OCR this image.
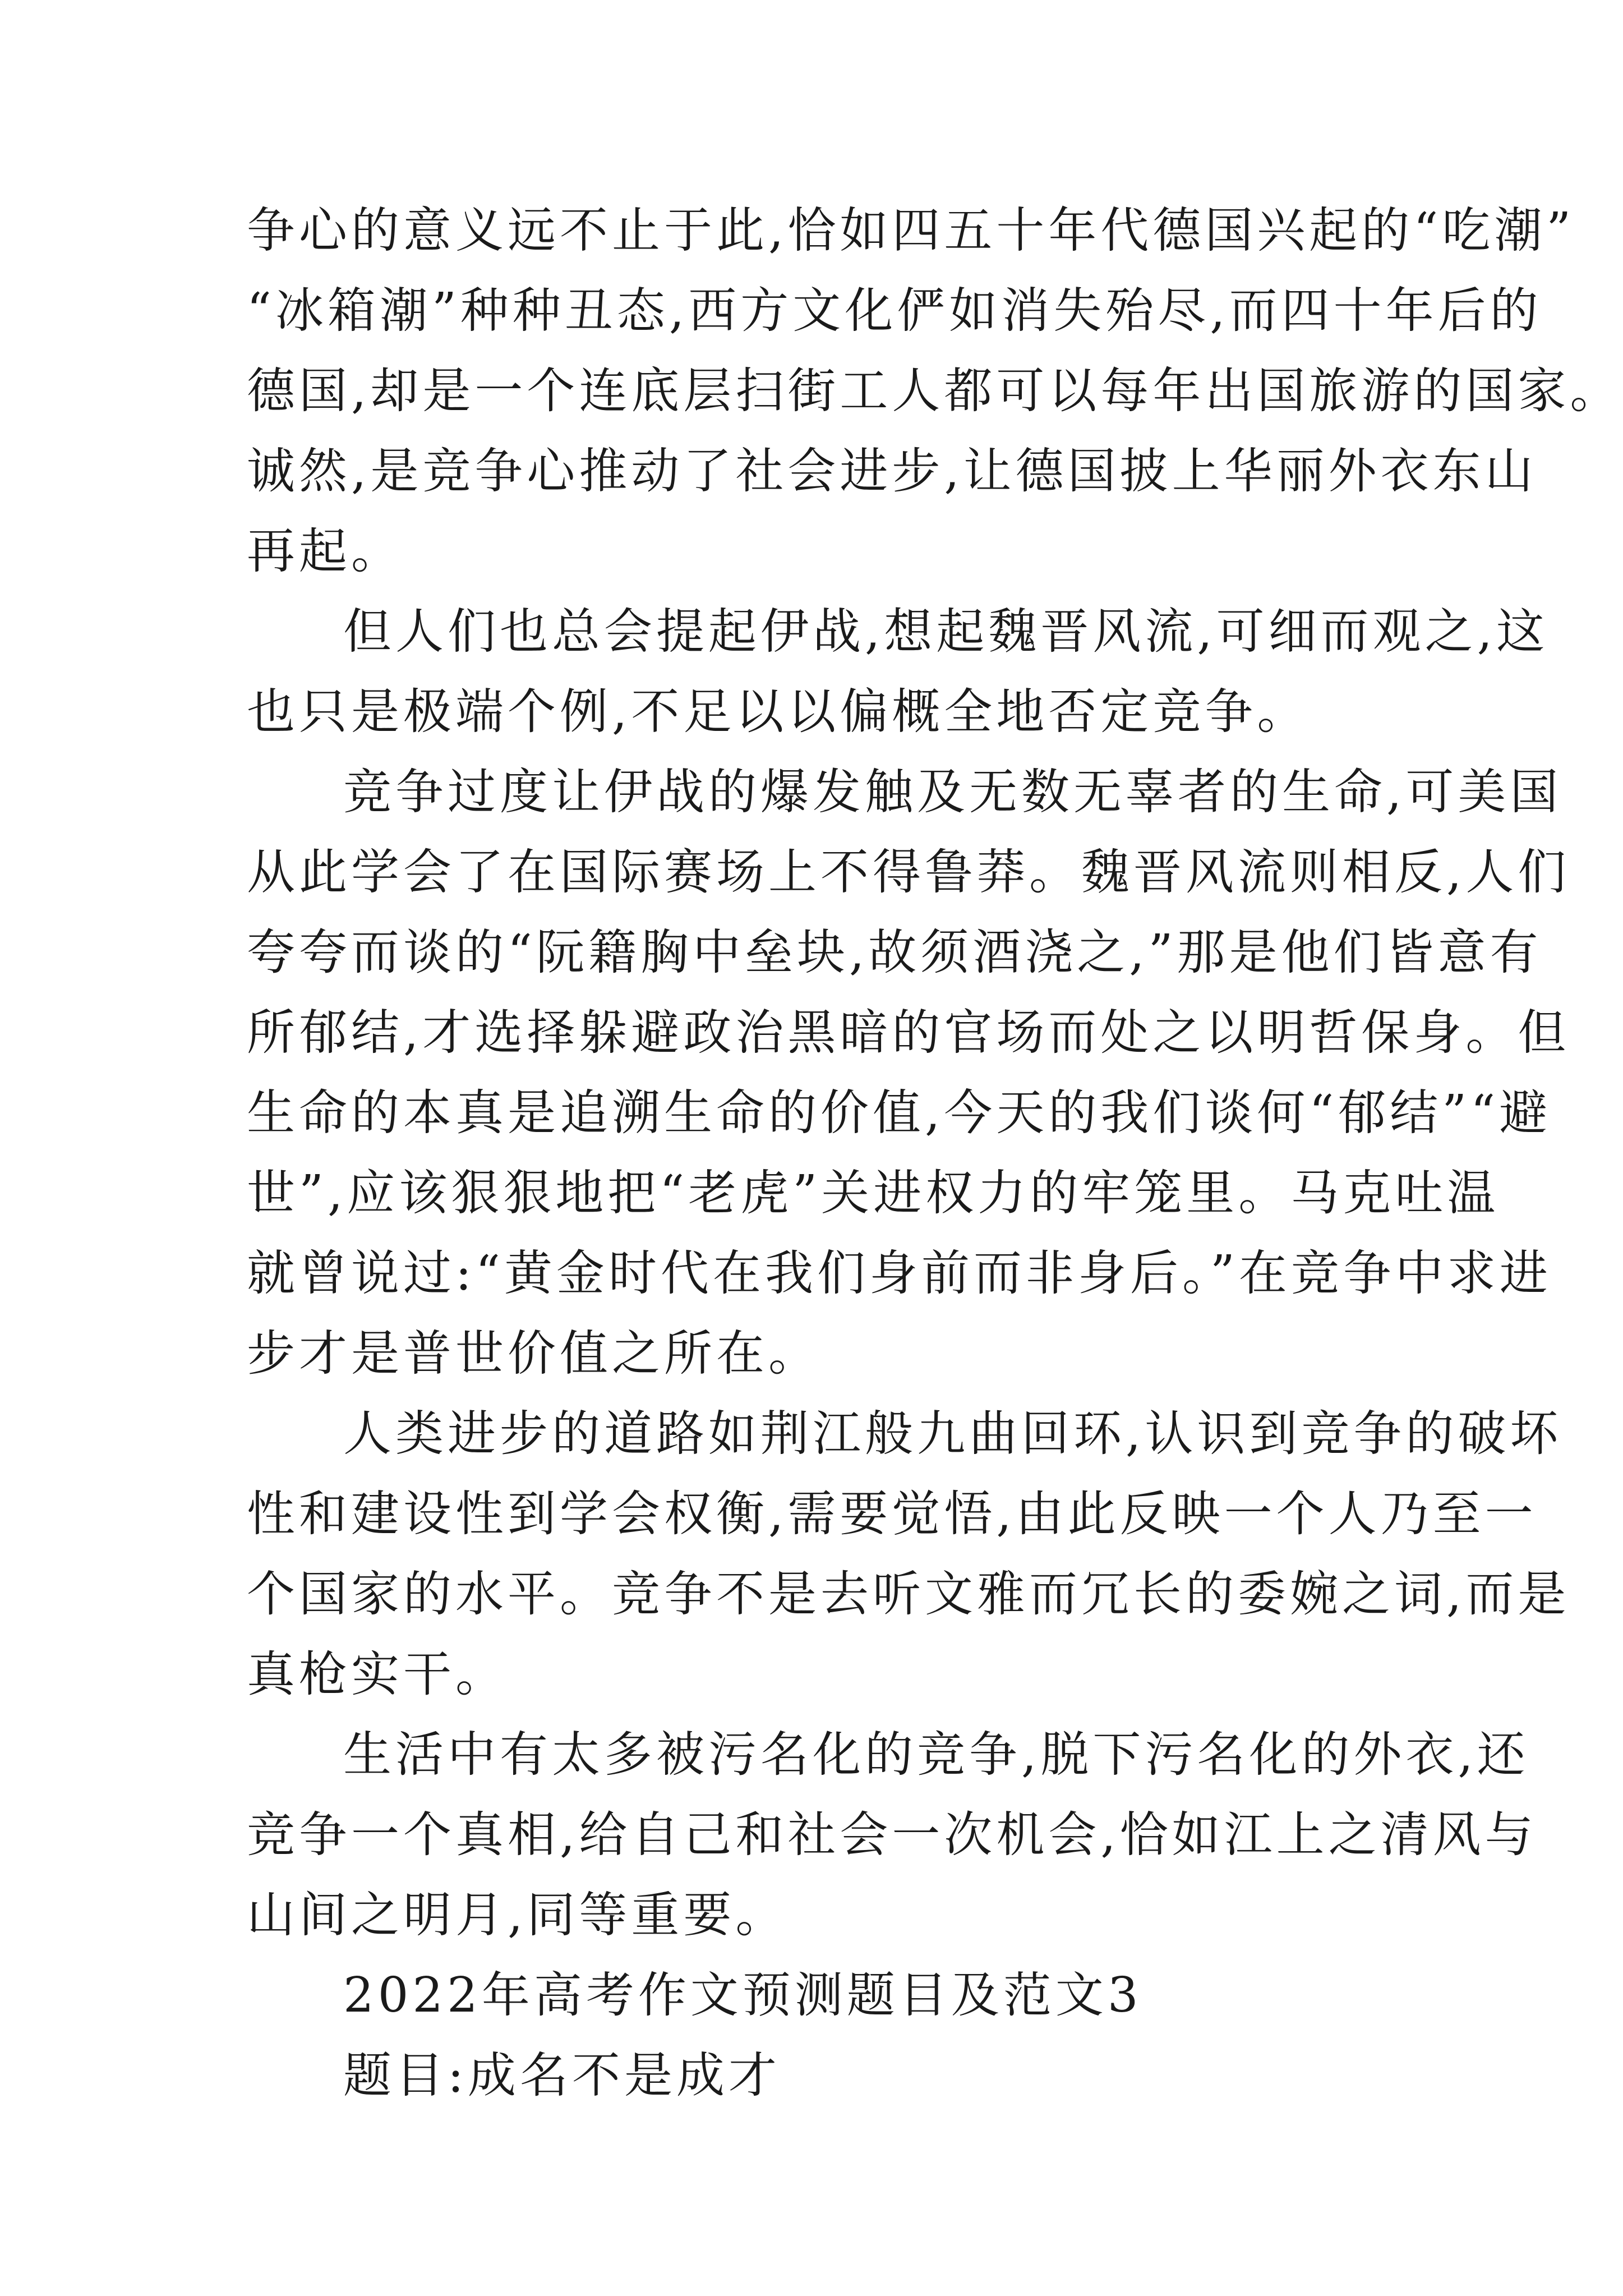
争心的意义远不止于此,恰如四五十年代德国兴起的“吃潮”
“冰箱潮”种种丑态,西方文化俨如消失殆尽,而四十年后的
德国,却是一个连底层扫街工人都可以每年出国旅游的国家。
诚然,是竞争心推动了社会进步,让德国披上华丽外衣东山
再起。

但人们也总会提起伊战,想起魏晋风流,可细而观之,这
也只是极端个例,不足以以偏概全地否定竞争。

竞争过度让伊战的爆发触及无数无辜者的生命,可美国
从此学会了在国际赛场上不得鲁莽。魏晋风流则相反,人们
夸夸而谈的“阮籍胸中垒块,故须酒浇之,”那是他们皆意有
所郁结,才选择躲避政治黑暗的官场而处之以明哲保身。但
生命的本真是追溯生命的价值,今天的我们谈何“郁结”“避
世”,应该狠狠地把“老虎”关进权力的牢笼里。马克吐温
就曾说过:“黄金时代在我们身前而非身后。”在竞争中求进
步才是普世价值之所在。

人类进步的道路如荆江般九曲回环,认识到竞争的破坏
性和建设性到学会权衡,需要觉悟,由此反映一个人乃至一
个国家的水平。竞争不是去听文雅而冗长的委婉之词,而是
真枪实干。

生活中有太多被污名化的竞争,脱下污名化的外衣,还
竞争一个真相,给自己和社会一次机会,恰如江上之清风与
山间之明月,同等重要。

2022年高考作文预测题目及范文3

题目:成名不是成才
